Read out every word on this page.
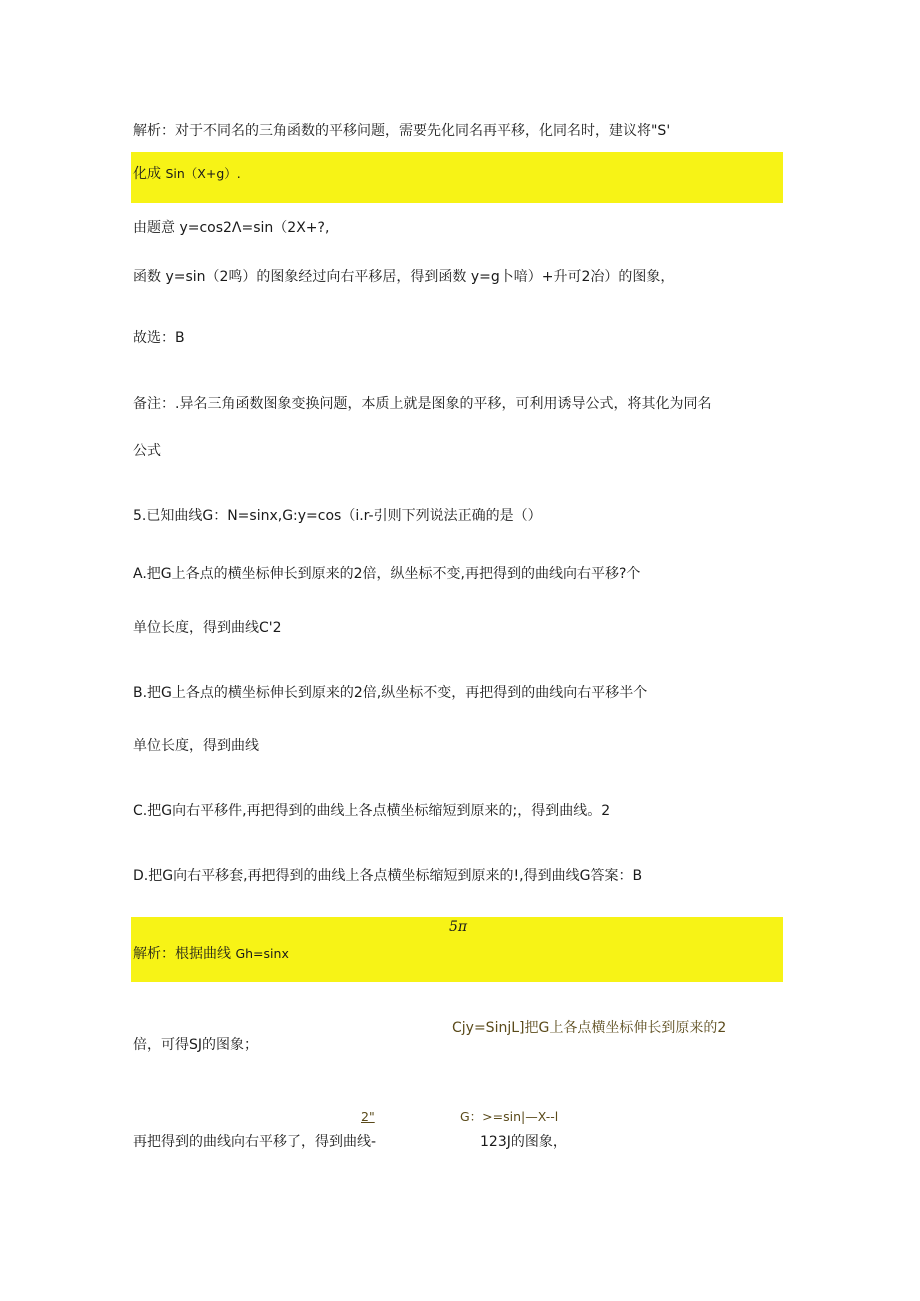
解析：对于不同名的三角函数的平移问题，需要先化同名再平移，化同名时，建议将"S'
化成 Sin（X+g）.
由题意 y=cos2Λ=sin（2X+?,
函数 y=sin（2鸣）的图象经过向右平移居，得到函数 y=g卜喑）+升可2冶）的图象，
故选：B
备注：.异名三角函数图象变换问题，本质上就是图象的平移，可利用诱导公式，将其化为同名
公式
5.已知曲线G：N=sinx,G:y=cos（i.r-引则下列说法正确的是（）
A.把G上各点的横坐标伸长到原来的2倍，纵坐标不变,再把得到的曲线向右平移?个
单位长度，得到曲线C'2
B.把G上各点的横坐标伸长到原来的2倍,纵坐标不变，再把得到的曲线向右平移半个
单位长度，得到曲线
C.把G向右平移件,再把得到的曲线上各点横坐标缩短到原来的;，得到曲线。2
D.把G向右平移套,再把得到的曲线上各点横坐标缩短到原来的!,得到曲线G答案：B
5π
解析：根据曲线 Gh=sinx
Cjy=SinjL]把G上各点横坐标伸长到原来的2
倍，可得SJ的图象；
2"	G：>=sin|—X--l
再把得到的曲线向右平移了，得到曲线-	123J的图象，
